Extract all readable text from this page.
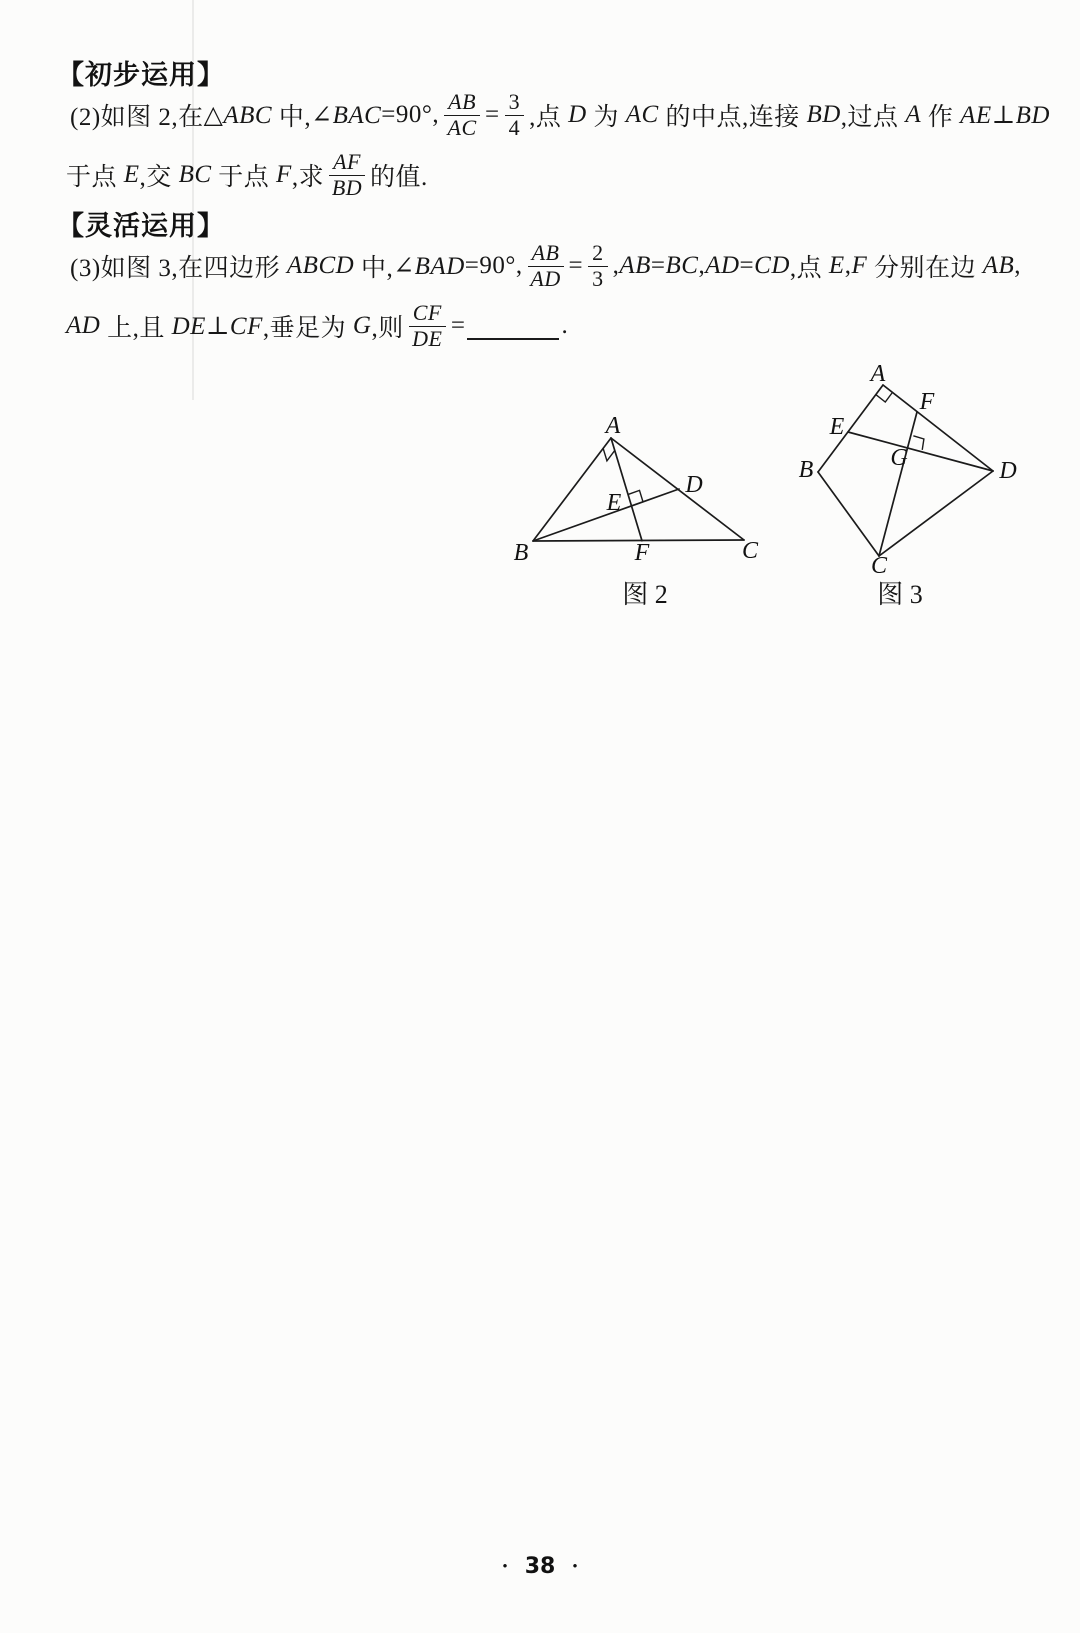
【初步运用】
(2)如图 2,在 △ABC 中, ∠BAC =90°, $\frac{AB}{AC} = \frac{3}{4}$ ,点 D 为 AC 的中点,连接 BD ,过点 A 作 AE⊥BD
于点 E ,交 BC 于点 F ,求 $\frac{AF}{BD}$ 的值.
【灵活运用】
(3)如图 3,在四边形 ABCD 中, ∠BAD =90°, $\frac{AB}{AD} = \frac{2}{3}$ , AB = BC , AD = CD ,点 E , F 分别在边 AB ,
AD 上,且 DE⊥CF ,垂足为 G ,则 $\frac{CF}{DE}$ =	.
A
B	C
D
E
F
A
B
C
D
E
F
G
图 2	图 3
• 38 •
